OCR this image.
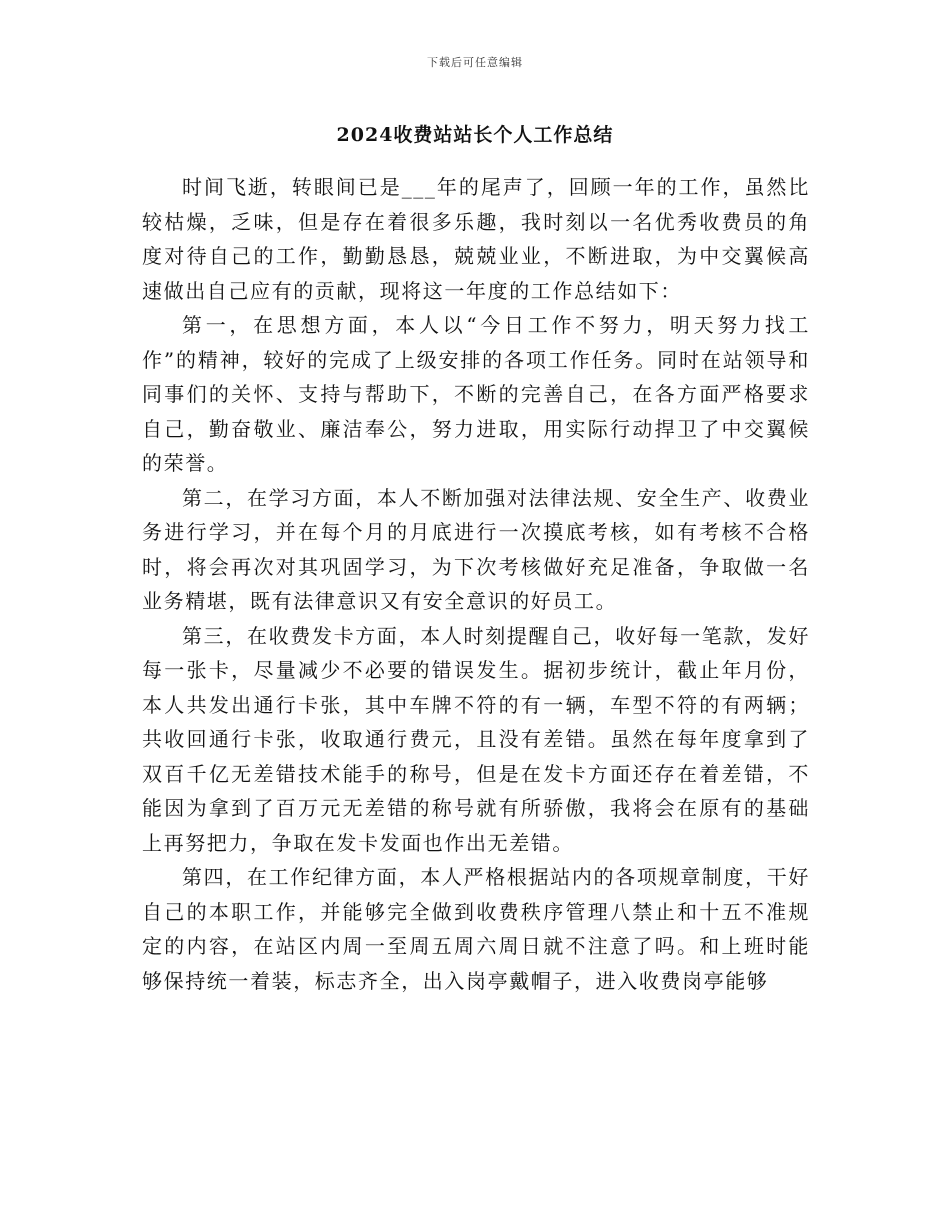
下载后可任意编辑
2024收费站站长个人工作总结

时间飞逝，转眼间已是___年的尾声了，回顾一年的工作，虽然比较枯燥，乏味，但是存在着很多乐趣，我时刻以一名优秀收费员的角度对待自己的工作，勤勤恳恳，兢兢业业，不断进取，为中交翼候高速做出自己应有的贡献，现将这一年度的工作总结如下：

第一，在思想方面，本人以“今日工作不努力，明天努力找工作”的精神，较好的完成了上级安排的各项工作任务。同时在站领导和同事们的关怀、支持与帮助下，不断的完善自己，在各方面严格要求自己，勤奋敬业、廉洁奉公，努力进取，用实际行动捍卫了中交翼候的荣誉。

第二，在学习方面，本人不断加强对法律法规、安全生产、收费业务进行学习，并在每个月的月底进行一次摸底考核，如有考核不合格时，将会再次对其巩固学习，为下次考核做好充足准备，争取做一名业务精堪，既有法律意识又有安全意识的好员工。

第三，在收费发卡方面，本人时刻提醒自己，收好每一笔款，发好每一张卡，尽量减少不必要的错误发生。据初步统计，截止年月份，本人共发出通行卡张，其中车牌不符的有一辆，车型不符的有两辆；共收回通行卡张，收取通行费元，且没有差错。虽然在每年度拿到了双百千亿无差错技术能手的称号，但是在发卡方面还存在着差错，不能因为拿到了百万元无差错的称号就有所骄傲，我将会在原有的基础上再努把力，争取在发卡发面也作出无差错。

第四，在工作纪律方面，本人严格根据站内的各项规章制度，干好自己的本职工作，并能够完全做到收费秩序管理八禁止和十五不准规定的内容，在站区内周一至周五周六周日就不注意了吗。和上班时能够保持统一着装，标志齐全，出入岗亭戴帽子，进入收费岗亭能够
